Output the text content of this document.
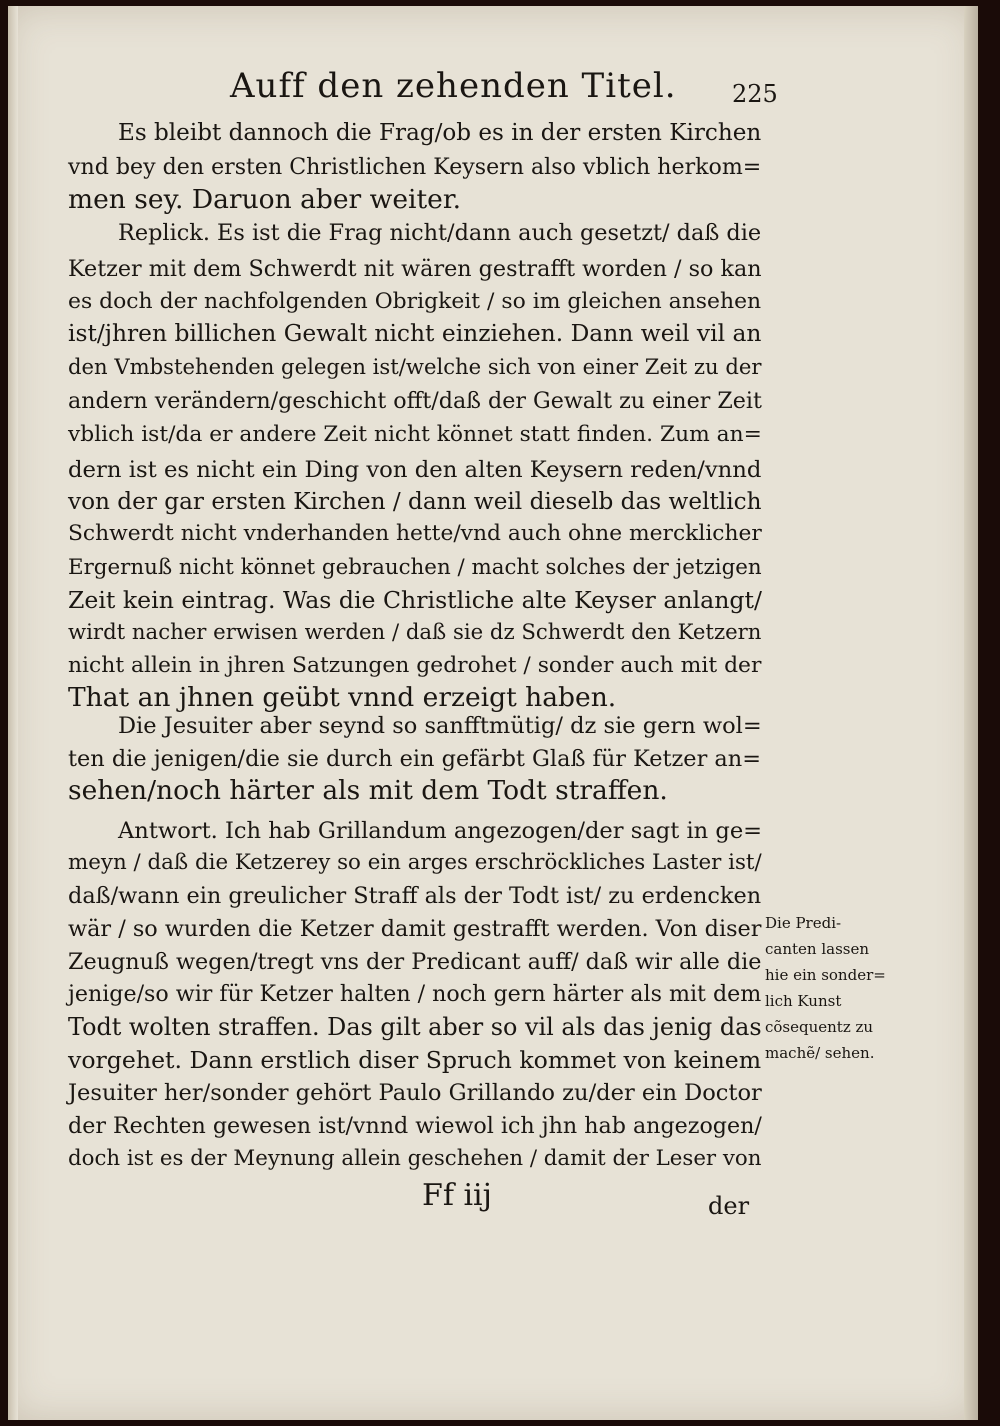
Auff den zehenden Titel. 225
Es bleibt dannoch die Frag/ob es in der ersten Kirchen
vnd bey den ersten Christlichen Keysern also vblich herkom=
men sey. Daruon aber weiter.
Replick. Es ist die Frag nicht/dann auch gesetzt/ daß die
Ketzer mit dem Schwerdt nit wären gestrafft worden / so kan
es doch der nachfolgenden Obrigkeit / so im gleichen ansehen
ist/jhren billichen Gewalt nicht einziehen. Dann weil vil an
den Vmbstehenden gelegen ist/welche sich von einer Zeit zu der
andern verändern/geschicht offt/daß der Gewalt zu einer Zeit
vblich ist/da er andere Zeit nicht könnet statt finden. Zum an=
dern ist es nicht ein Ding von den alten Keysern reden/vnnd
von der gar ersten Kirchen / dann weil dieselb das weltlich
Schwerdt nicht vnderhanden hette/vnd auch ohne mercklicher
Ergernuß nicht könnet gebrauchen / macht solches der jetzigen
Zeit kein eintrag. Was die Christliche alte Keyser anlangt/
wirdt nacher erwisen werden / daß sie dz Schwerdt den Ketzern
nicht allein in jhren Satzungen gedrohet / sonder auch mit der
That an jhnen geübt vnnd erzeigt haben.
Die Jesuiter aber seynd so sanfftmütig/ dz sie gern wol=
ten die jenigen/die sie durch ein gefärbt Glaß für Ketzer an=
sehen/noch härter als mit dem Todt straffen.
Antwort. Ich hab Grillandum angezogen/der sagt in ge=
meyn / daß die Ketzerey so ein arges erschröckliches Laster ist/
daß/wann ein greulicher Straff als der Todt ist/ zu erdencken
wär / so wurden die Ketzer damit gestrafft werden. Von diser
Zeugnuß wegen/tregt vns der Predicant auff/ daß wir alle die
jenige/so wir für Ketzer halten / noch gern härter als mit dem
Todt wolten straffen. Das gilt aber so vil als das jenig das
vorgehet. Dann erstlich diser Spruch kommet von keinem
Jesuiter her/sonder gehört Paulo Grillando zu/der ein Doctor
der Rechten gewesen ist/vnnd wiewol ich jhn hab angezogen/
doch ist es der Meynung allein geschehen / damit der Leser von
Die Predi-
canten lassen
hie ein sonder=
lich Kunst
cõsequentz zu
machẽ/ sehen.
Ff iij	der
